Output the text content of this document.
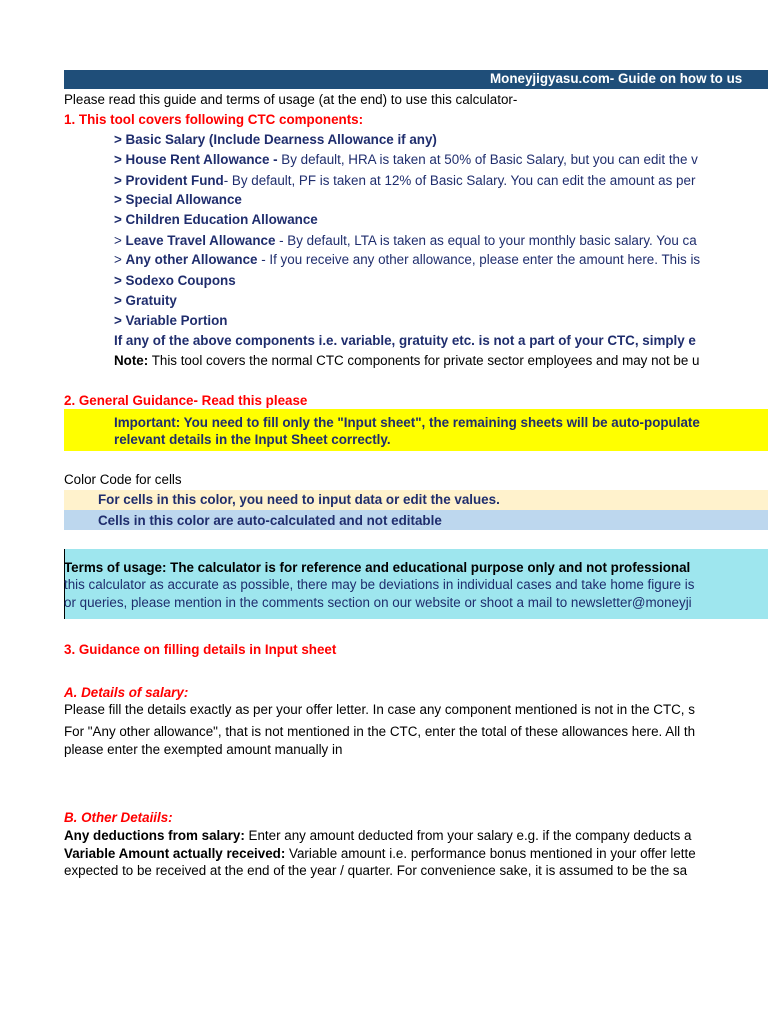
Moneyjigyasu.com- Guide on how to us
Please read this guide and terms of usage (at the end) to use this calculator-
1. This tool covers following CTC components:
> Basic Salary (Include Dearness Allowance if any)
> House Rent Allowance - By default, HRA is taken at 50% of Basic Salary, but you can edit the v
> Provident Fund- By default, PF is taken at 12% of Basic Salary. You can edit the amount as per
> Special Allowance
> Children Education Allowance
> Leave Travel Allowance - By default, LTA is taken as equal to your monthly basic salary. You ca
> Any other Allowance - If you receive any other allowance, please enter the amount here. This is
> Sodexo Coupons
> Gratuity
> Variable Portion
If any of the above components i.e. variable, gratuity etc. is not a part of your CTC, simply e
Note: This tool covers the normal CTC components for private sector employees and may not be u
2. General Guidance- Read this please
Important: You need to fill only the "Input sheet", the remaining sheets will be auto-populate
relevant details in the Input Sheet correctly.
Color Code for cells
For cells in this color, you need to input data or edit the values.
Cells in this color are auto-calculated and not editable
Terms of usage: The calculator is for reference and educational purpose only and not professional
this calculator as accurate as possible, there may be deviations in individual cases and take home figure is
or queries, please mention in the comments section on our website or shoot a mail to newsletter@moneyji
3. Guidance on filling details in Input sheet
A. Details of salary:
Please fill the details exactly as per your offer letter. In case any component mentioned is not in the CTC, s
For "Any other allowance", that is not mentioned in the CTC, enter the total of these allowances here. All th
please enter the exempted amount manually in
B. Other Detaiils:
Any deductions from salary: Enter any amount deducted from your salary e.g. if the company deducts a
Variable Amount actually received: Variable amount i.e. performance bonus mentioned in your offer lette
expected to be received at the end of the year / quarter. For convenience sake, it is assumed to be the sa
